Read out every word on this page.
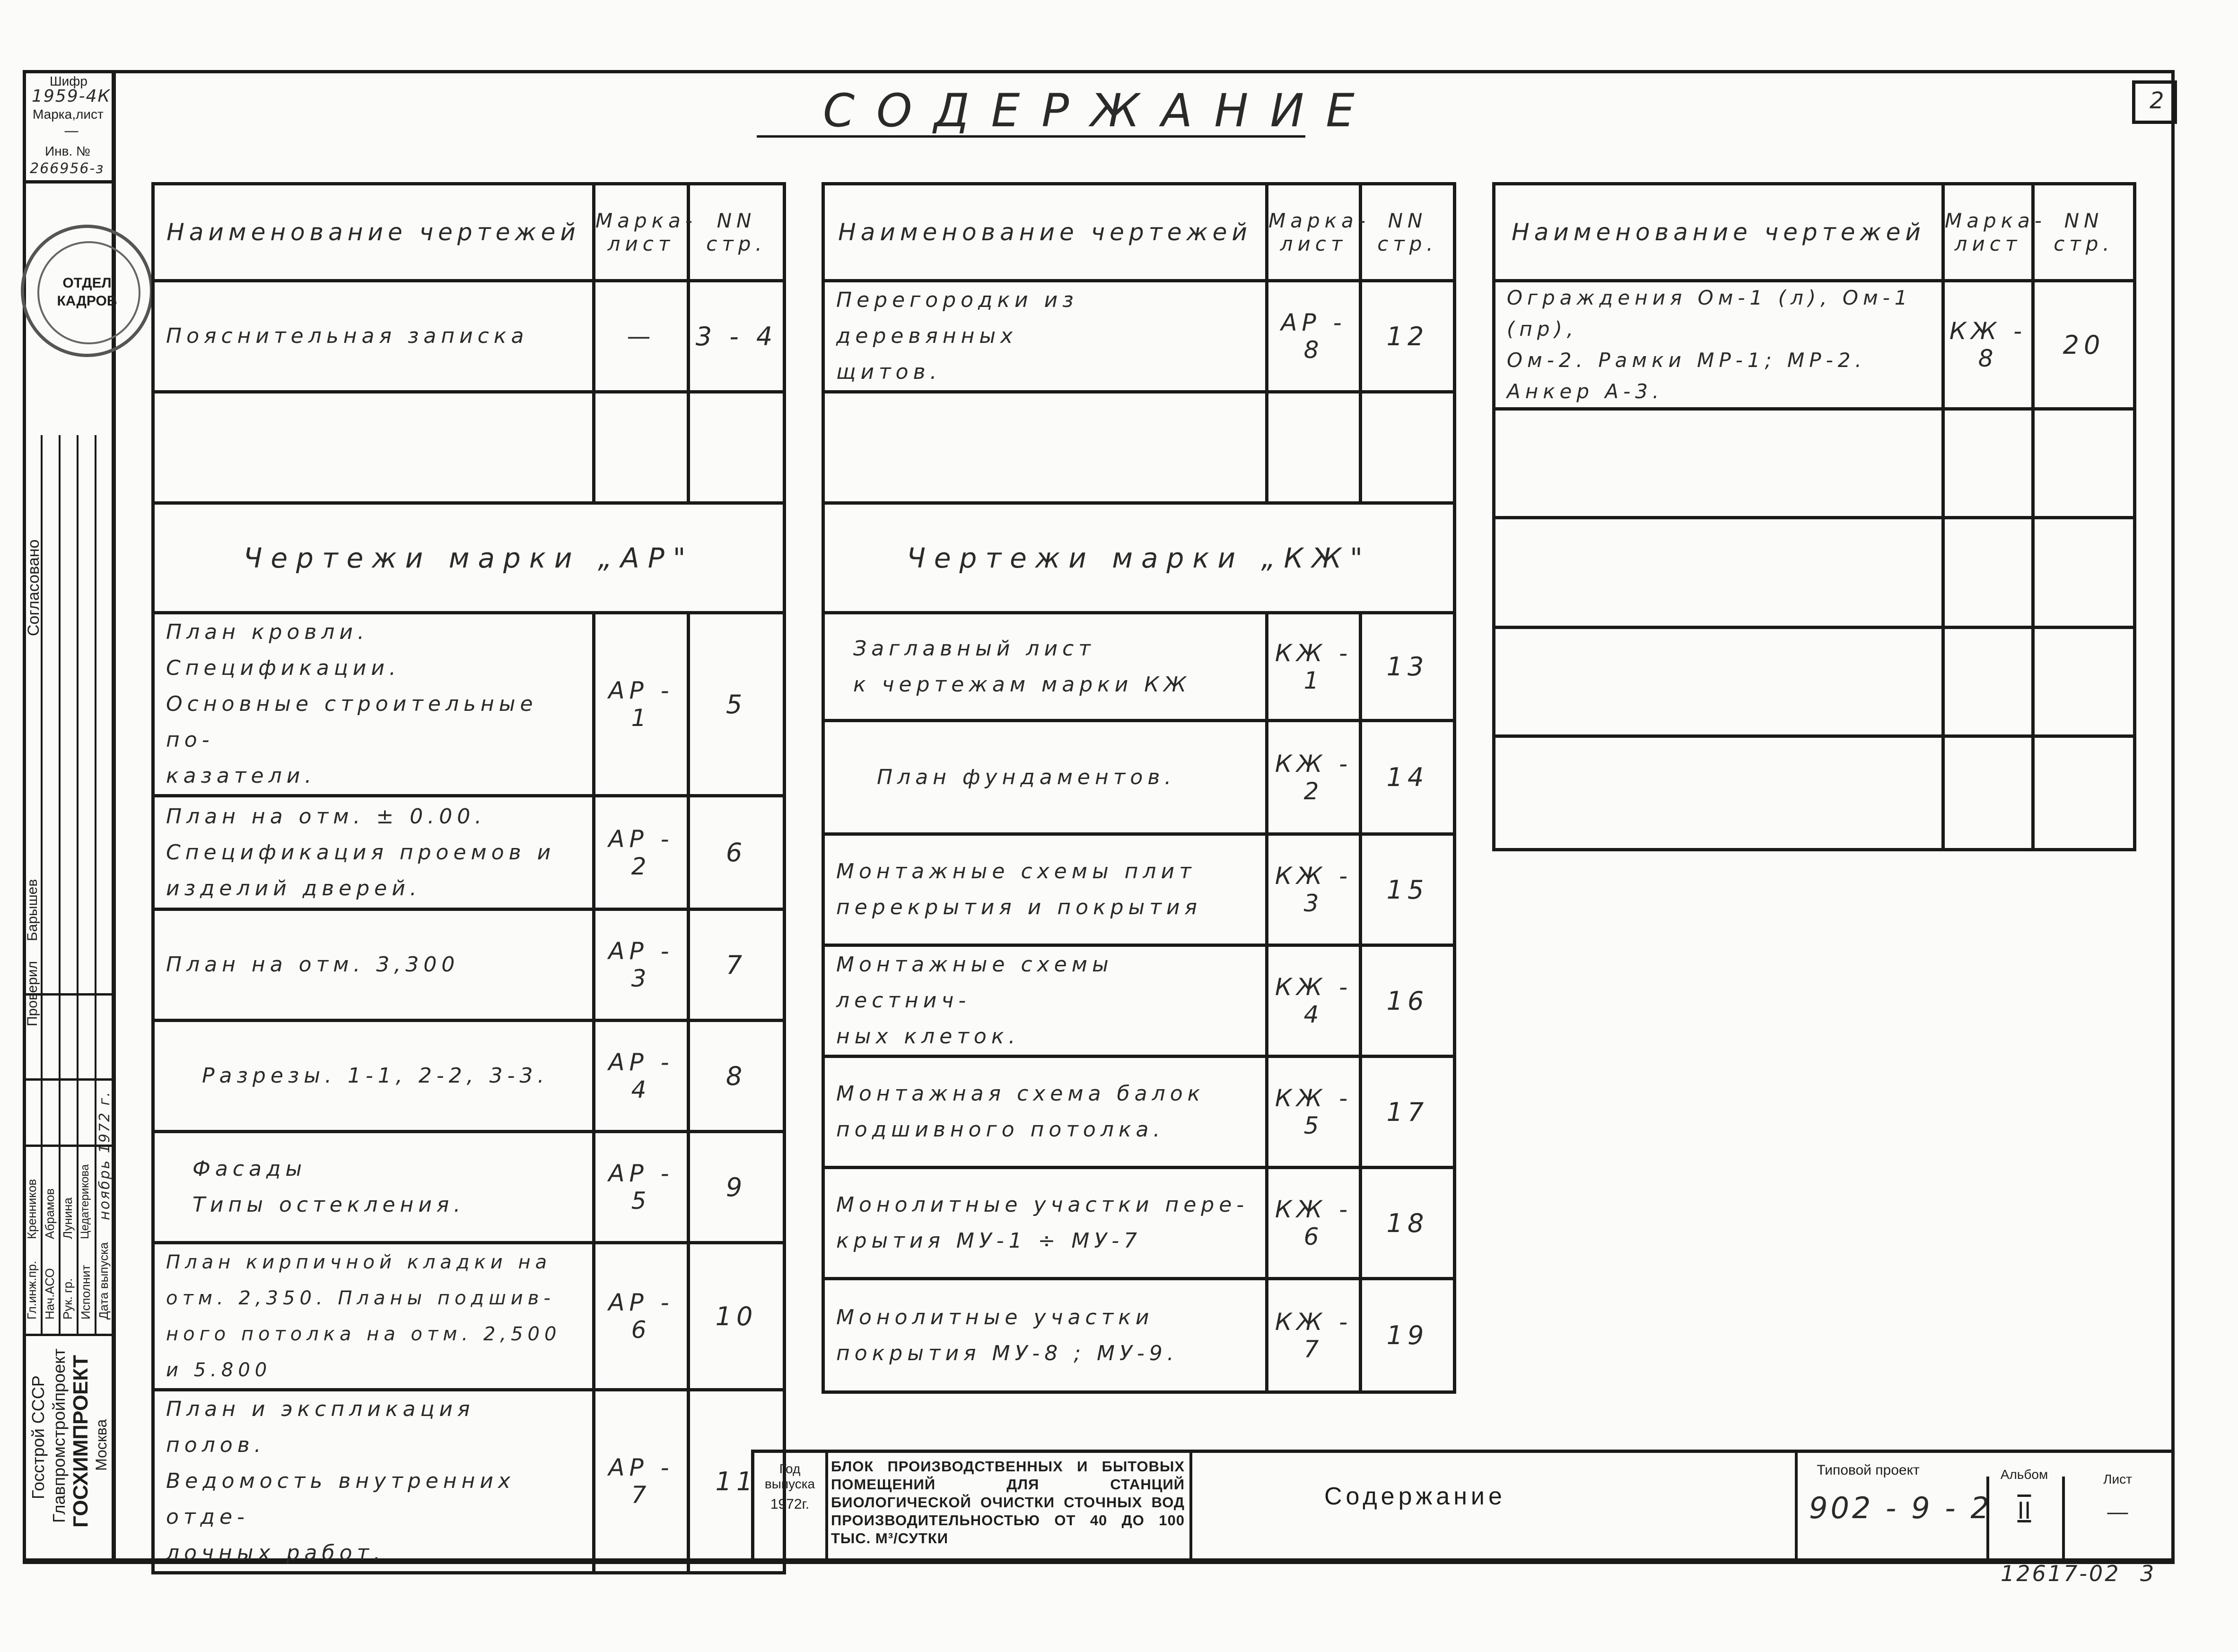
Шифр
1959-4К
Марка,лист
—
Инв. №
266956-з
ОТДЕЛ
КАДРОВ
Согласовано
Проверил
Барышев
Гл.инж.пр.
Кренников
Нач.АСО
Абрамов
Рук. гр.
Лунина
Исполнит
Цедатерикова
Дата выпуска
ноябрь 1972 г.
Госстрой СССР Главпромстройпроект ГОСХИМПРОЕКТ Москва
СОДЕРЖАНИЕ	2
Наименование чертежей	Марка-лист	NN стр.
Пояснительная записка	—	3 - 4

Чертежи марки „АР"		
План кровли. Спецификации.
Основные строительные по-
казатели.	АР - 1	5
План на отм. ± 0.00.
Спецификация проемов и
изделий дверей.	АР - 2	6
План на отм. 3,300	АР - 3	7
Разрезы. 1-1, 2-2, 3-3.	АР - 4	8
Фасады
Типы остекления.	АР - 5	9
План кирпичной кладки на
отм. 2,350. Планы подшив-
ного потолка на отм. 2,500 и 5.800	АР - 6	10
План и экспликация полов.
Ведомость внутренних отде-
лочных работ.	АР - 7	11
Наименование чертежей	Марка-лист	NN стр.
Перегородки из деревянных
щитов.	АР - 8	12

Чертежи марки „КЖ"		
Заглавный лист
к чертежам марки КЖ	КЖ - 1	13
План фундаментов.	КЖ - 2	14
Монтажные схемы плит
перекрытия и покрытия	КЖ - 3	15
Монтажные схемы лестнич-
ных клеток.	КЖ - 4	16
Монтажная схема балок
подшивного потолка.	КЖ - 5	17
Монолитные участки пере-
крытия МУ-1 ÷ МУ-7	КЖ - 6	18
Монолитные участки
покрытия МУ-8 ; МУ-9.	КЖ - 7	19
Наименование чертежей	Марка-лист	NN стр.
Ограждения Ом-1 (л), Ом-1 (пр),
Ом-2. Рамки МР-1; МР-2.
Анкер А-3.	КЖ - 8	20

Год выпуска
1972г.
БЛОК ПРОИЗВОДСТВЕННЫХ И БЫТОВЫХ ПОМЕЩЕНИЙ ДЛЯ СТАНЦИЙ БИОЛОГИЧЕСКОЙ ОЧИСТКИ СТОЧНЫХ ВОД ПРОИЗВОДИТЕЛЬНОСТЬЮ ОТ 40 ДО 100 ТЫС. М³/СУТКИ
Содержание
Типовой проект
902 - 9 - 2
Альбом
II
Лист
—
12617-02 3
